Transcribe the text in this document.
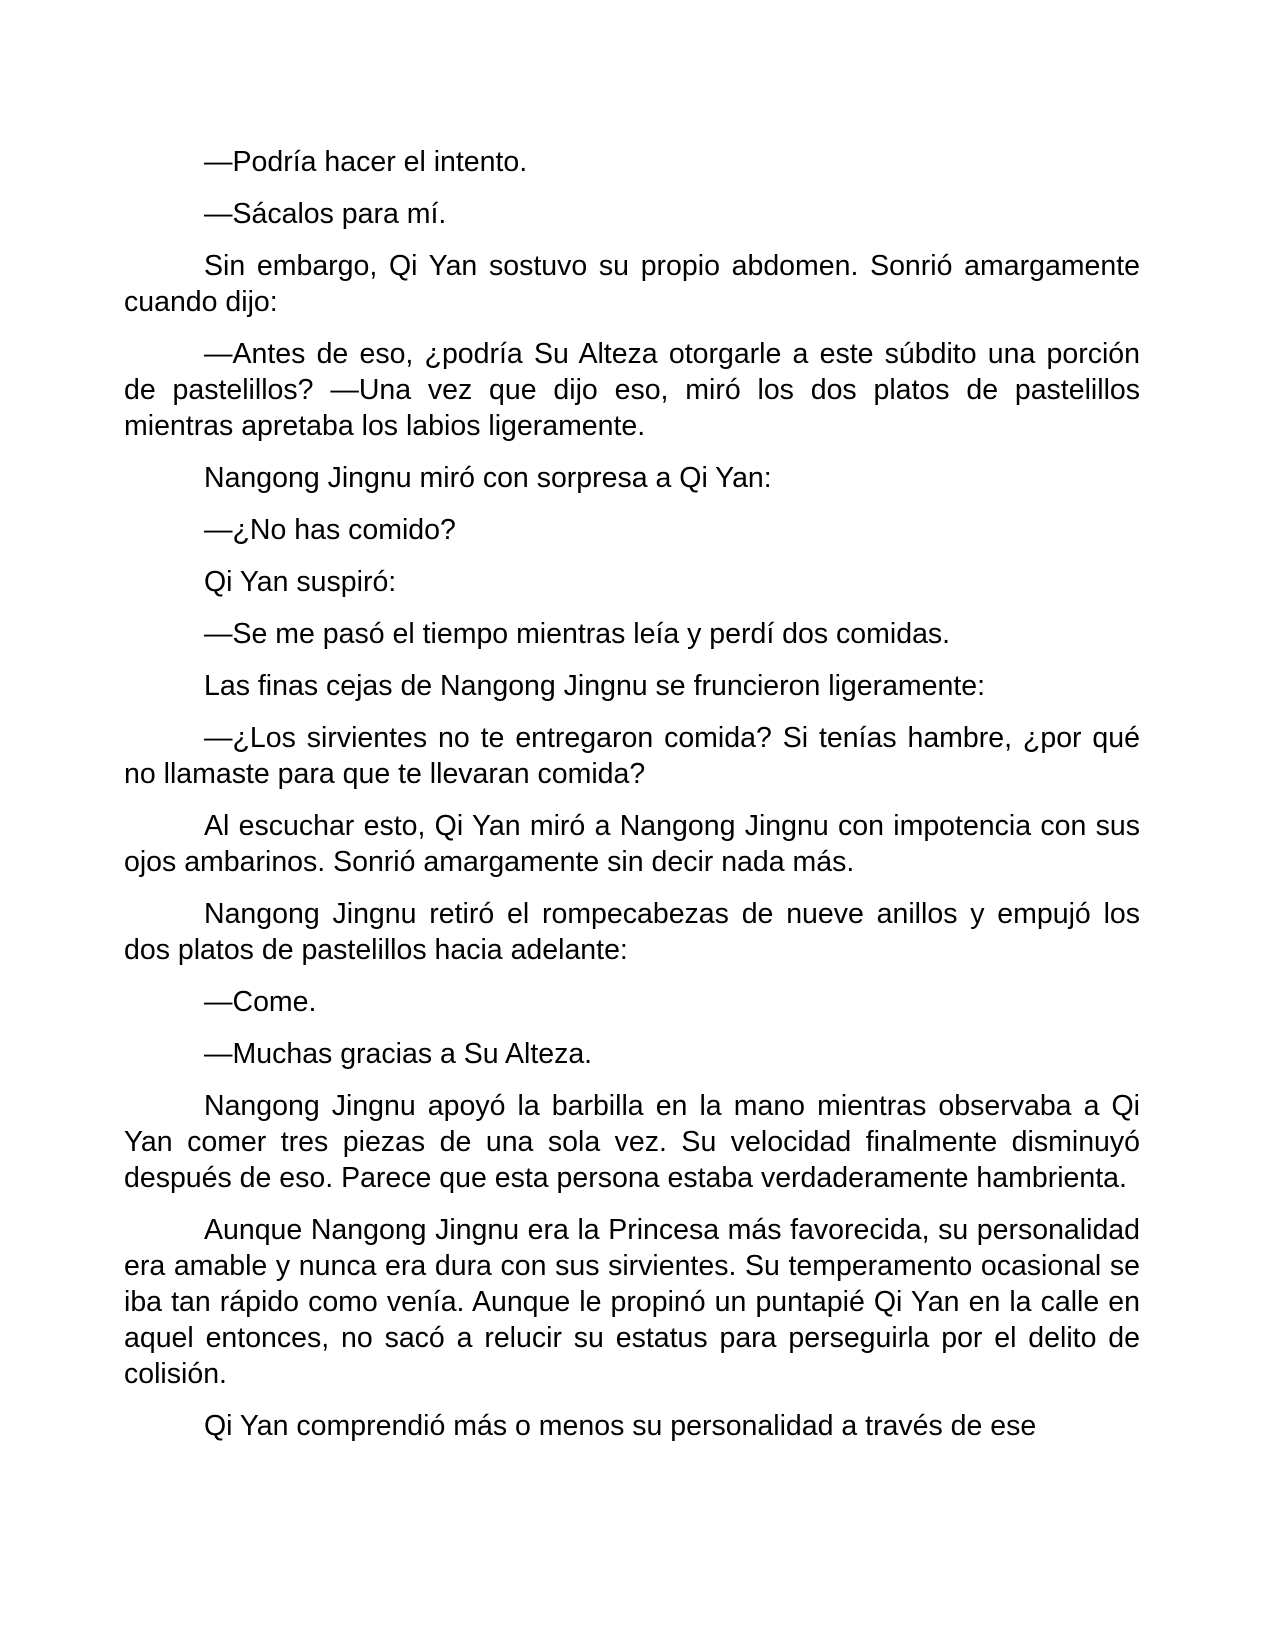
—Podría hacer el intento.

—Sácalos para mí.

Sin embargo, Qi Yan sostuvo su propio abdomen. Sonrió amargamente cuando dijo:

—Antes de eso, ¿podría Su Alteza otorgarle a este súbdito una porción de pastelillos? —Una vez que dijo eso, miró los dos platos de pastelillos mientras apretaba los labios ligeramente.

Nangong Jingnu miró con sorpresa a Qi Yan:

—¿No has comido?

Qi Yan suspiró:

—Se me pasó el tiempo mientras leía y perdí dos comidas.

Las finas cejas de Nangong Jingnu se fruncieron ligeramente:

—¿Los sirvientes no te entregaron comida? Si tenías hambre, ¿por qué no llamaste para que te llevaran comida?

Al escuchar esto, Qi Yan miró a Nangong Jingnu con impotencia con sus ojos ambarinos. Sonrió amargamente sin decir nada más.

Nangong Jingnu retiró el rompecabezas de nueve anillos y empujó los dos platos de pastelillos hacia adelante:

—Come.

—Muchas gracias a Su Alteza.

Nangong Jingnu apoyó la barbilla en la mano mientras observaba a Qi Yan comer tres piezas de una sola vez. Su velocidad finalmente disminuyó después de eso. Parece que esta persona estaba verdaderamente hambrienta.

Aunque Nangong Jingnu era la Princesa más favorecida, su personalidad era amable y nunca era dura con sus sirvientes. Su temperamento ocasional se iba tan rápido como venía. Aunque le propinó un puntapié Qi Yan en la calle en aquel entonces, no sacó a relucir su estatus para perseguirla por el delito de colisión.

Qi Yan comprendió más o menos su personalidad a través de ese
